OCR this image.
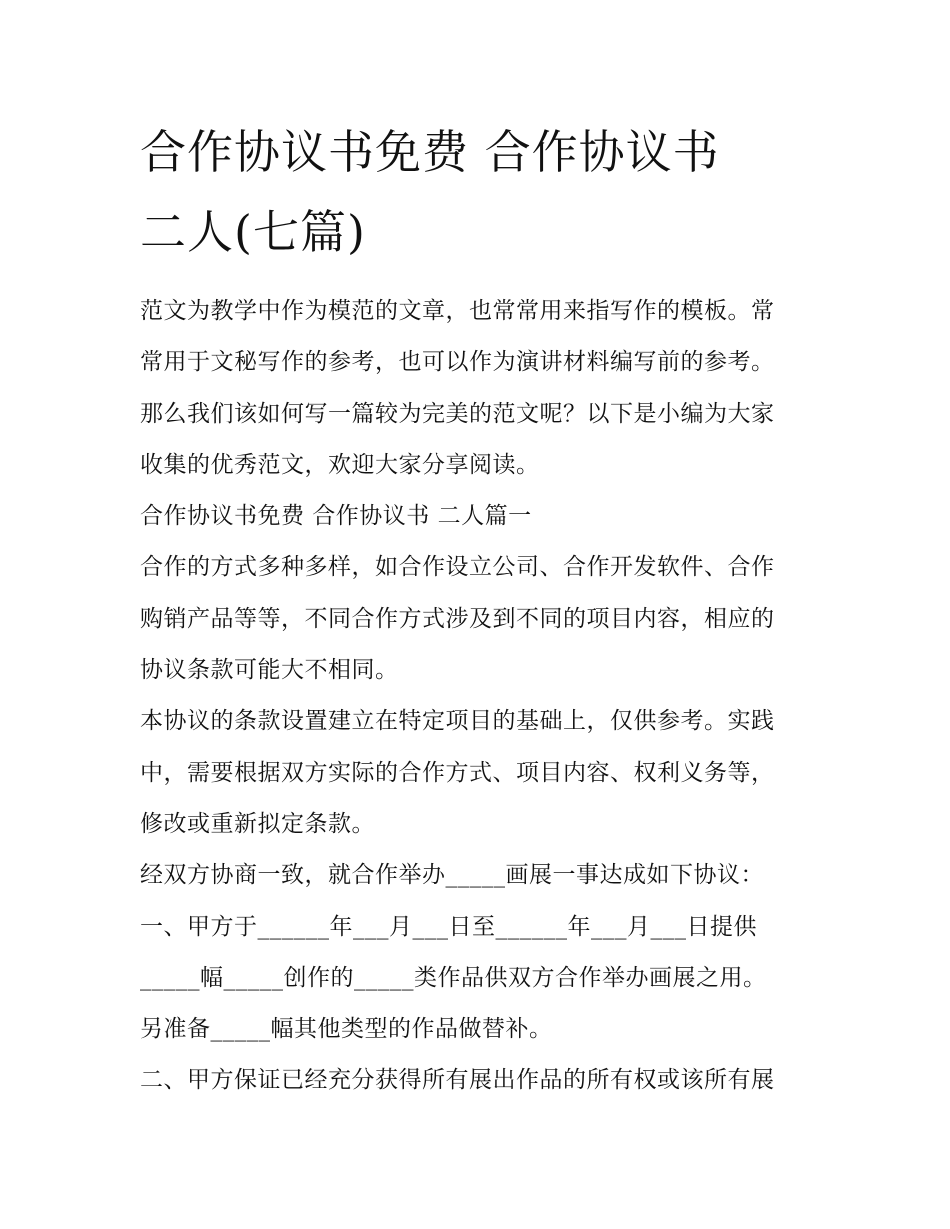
合作协议书免费 合作协议书
二人(七篇)

范文为教学中作为模范的文章，也常常用来指写作的模板。常
常用于文秘写作的参考，也可以作为演讲材料编写前的参考。
那么我们该如何写一篇较为完美的范文呢？以下是小编为大家
收集的优秀范文，欢迎大家分享阅读。

合作协议书免费 合作协议书 二人篇一

合作的方式多种多样，如合作设立公司、合作开发软件、合作
购销产品等等，不同合作方式涉及到不同的项目内容，相应的
协议条款可能大不相同。

本协议的条款设置建立在特定项目的基础上，仅供参考。实践
中，需要根据双方实际的合作方式、项目内容、权利义务等，
修改或重新拟定条款。

经双方协商一致，就合作举办_____画展一事达成如下协议：

一、甲方于______年___月___日至______年___月___日提供
_____幅_____创作的_____类作品供双方合作举办画展之用。
另准备_____幅其他类型的作品做替补。

二、甲方保证已经充分获得所有展出作品的所有权或该所有展
